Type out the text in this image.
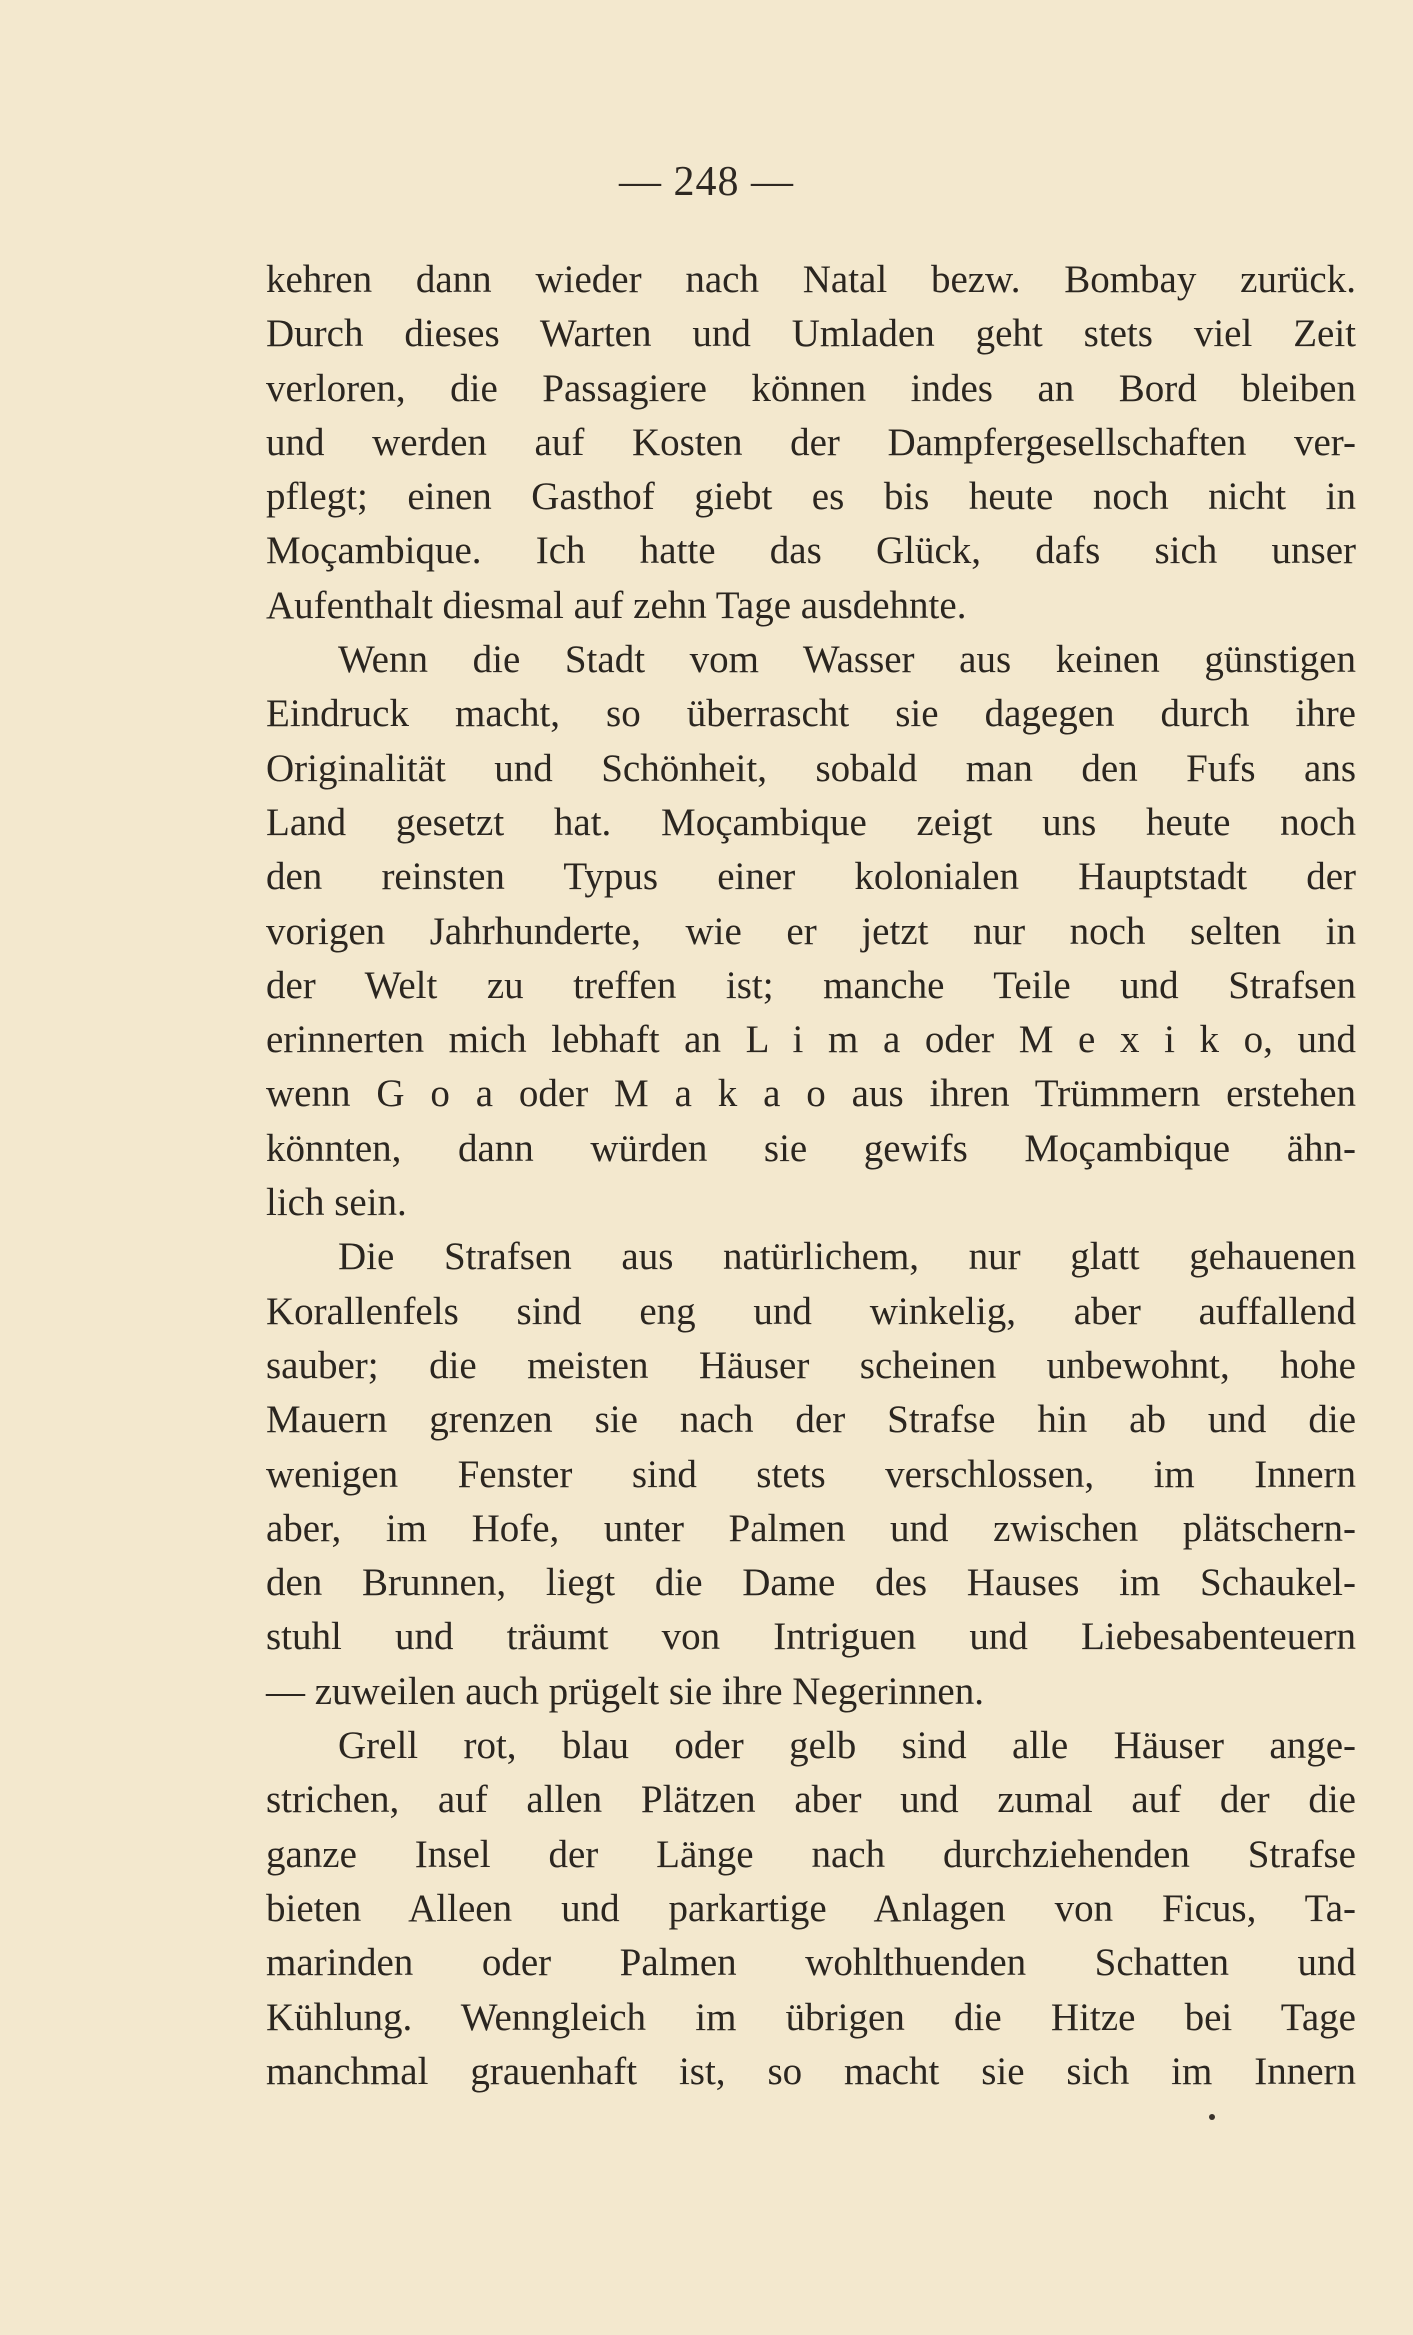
— 248 —
kehren dann wieder nach Natal bezw. Bombay zurück.
Durch dieses Warten und Umladen geht stets viel Zeit
verloren, die Passagiere können indes an Bord bleiben
und werden auf Kosten der Dampfergesellschaften ver-
pflegt; einen Gasthof giebt es bis heute noch nicht in
Moçambique. Ich hatte das Glück, dafs sich unser
Aufenthalt diesmal auf zehn Tage ausdehnte.
Wenn die Stadt vom Wasser aus keinen günstigen
Eindruck macht, so überrascht sie dagegen durch ihre
Originalität und Schönheit, sobald man den Fufs ans
Land gesetzt hat. Moçambique zeigt uns heute noch
den reinsten Typus einer kolonialen Hauptstadt der
vorigen Jahrhunderte, wie er jetzt nur noch selten in
der Welt zu treffen ist; manche Teile und Strafsen
erinnerten mich lebhaft an L i m a oder M e x i k o, und
wenn G o a oder M a k a o aus ihren Trümmern erstehen
könnten, dann würden sie gewifs Moçambique ähn-
lich sein.
Die Strafsen aus natürlichem, nur glatt gehauenen
Korallenfels sind eng und winkelig, aber auffallend
sauber; die meisten Häuser scheinen unbewohnt, hohe
Mauern grenzen sie nach der Strafse hin ab und die
wenigen Fenster sind stets verschlossen, im Innern
aber, im Hofe, unter Palmen und zwischen plätschern-
den Brunnen, liegt die Dame des Hauses im Schaukel-
stuhl und träumt von Intriguen und Liebesabenteuern
— zuweilen auch prügelt sie ihre Negerinnen.
Grell rot, blau oder gelb sind alle Häuser ange-
strichen, auf allen Plätzen aber und zumal auf der die
ganze Insel der Länge nach durchziehenden Strafse
bieten Alleen und parkartige Anlagen von Ficus, Ta-
marinden oder Palmen wohlthuenden Schatten und
Kühlung. Wenngleich im übrigen die Hitze bei Tage
manchmal grauenhaft ist, so macht sie sich im Innern
